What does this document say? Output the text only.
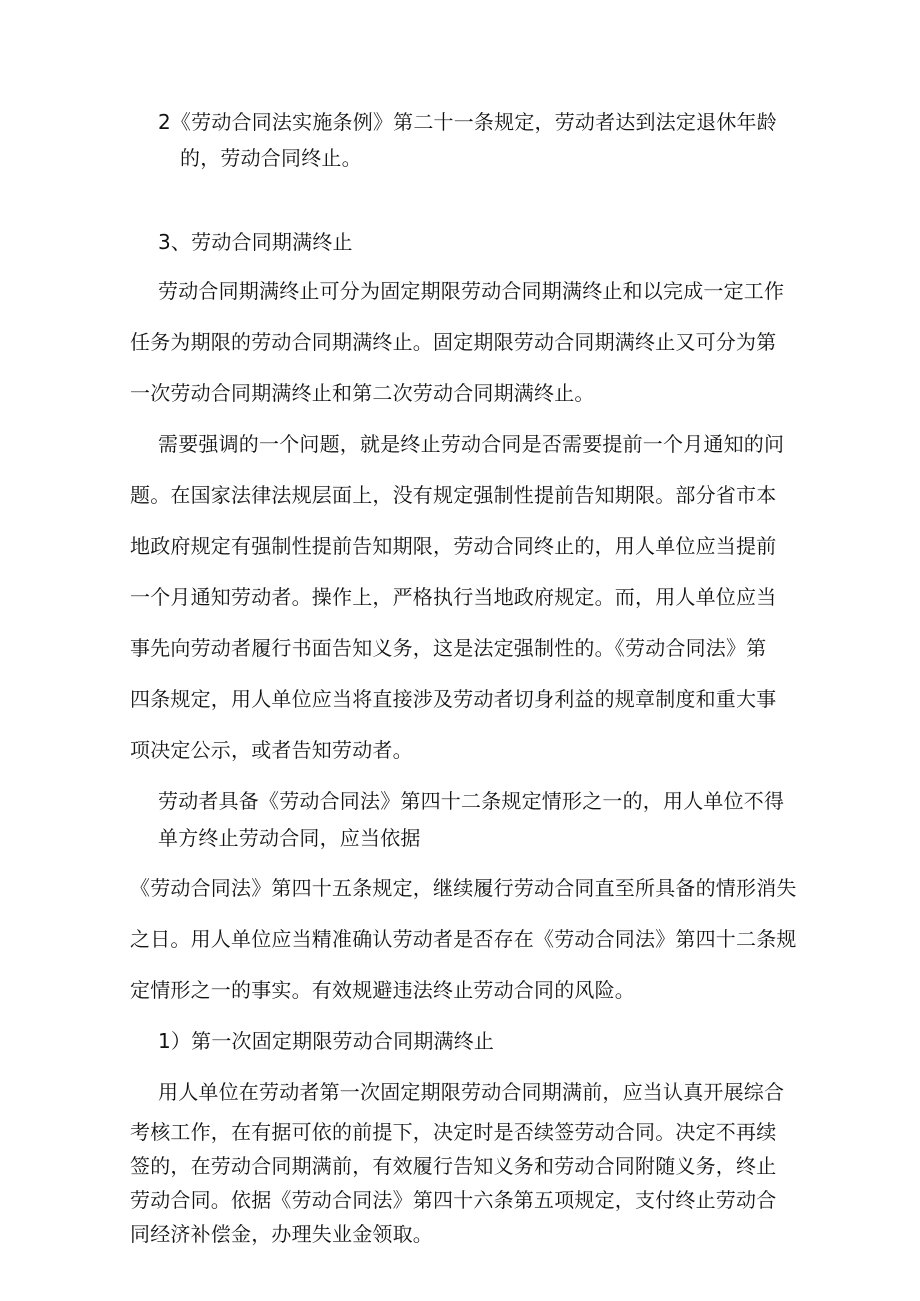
2《劳动合同法实施条例》第二十一条规定，劳动者达到法定退休年龄

的，劳动合同终止。

3、劳动合同期满终止

劳动合同期满终止可分为固定期限劳动合同期满终止和以完成一定工作

任务为期限的劳动合同期满终止。固定期限劳动合同期满终止又可分为第

一次劳动合同期满终止和第二次劳动合同期满终止。

需要强调的一个问题，就是终止劳动合同是否需要提前一个月通知的问

题。在国家法律法规层面上，没有规定强制性提前告知期限。部分省市本

地政府规定有强制性提前告知期限，劳动合同终止的，用人单位应当提前

一个月通知劳动者。操作上，严格执行当地政府规定。而，用人单位应当

事先向劳动者履行书面告知义务，这是法定强制性的。《劳动合同法》第

四条规定，用人单位应当将直接涉及劳动者切身利益的规章制度和重大事

项决定公示，或者告知劳动者。

劳动者具备《劳动合同法》第四十二条规定情形之一的，用人单位不得

单方终止劳动合同，应当依据

《劳动合同法》第四十五条规定，继续履行劳动合同直至所具备的情形消失

之日。用人单位应当精准确认劳动者是否存在《劳动合同法》第四十二条规

定情形之一的事实。有效规避违法终止劳动合同的风险。

1）第一次固定期限劳动合同期满终止

用人单位在劳动者第一次固定期限劳动合同期满前，应当认真开展综合

考核工作，在有据可依的前提下，决定时是否续签劳动合同。决定不再续

签的，在劳动合同期满前，有效履行告知义务和劳动合同附随义务，终止

劳动合同。依据《劳动合同法》第四十六条第五项规定，支付终止劳动合

同经济补偿金，办理失业金领取。
